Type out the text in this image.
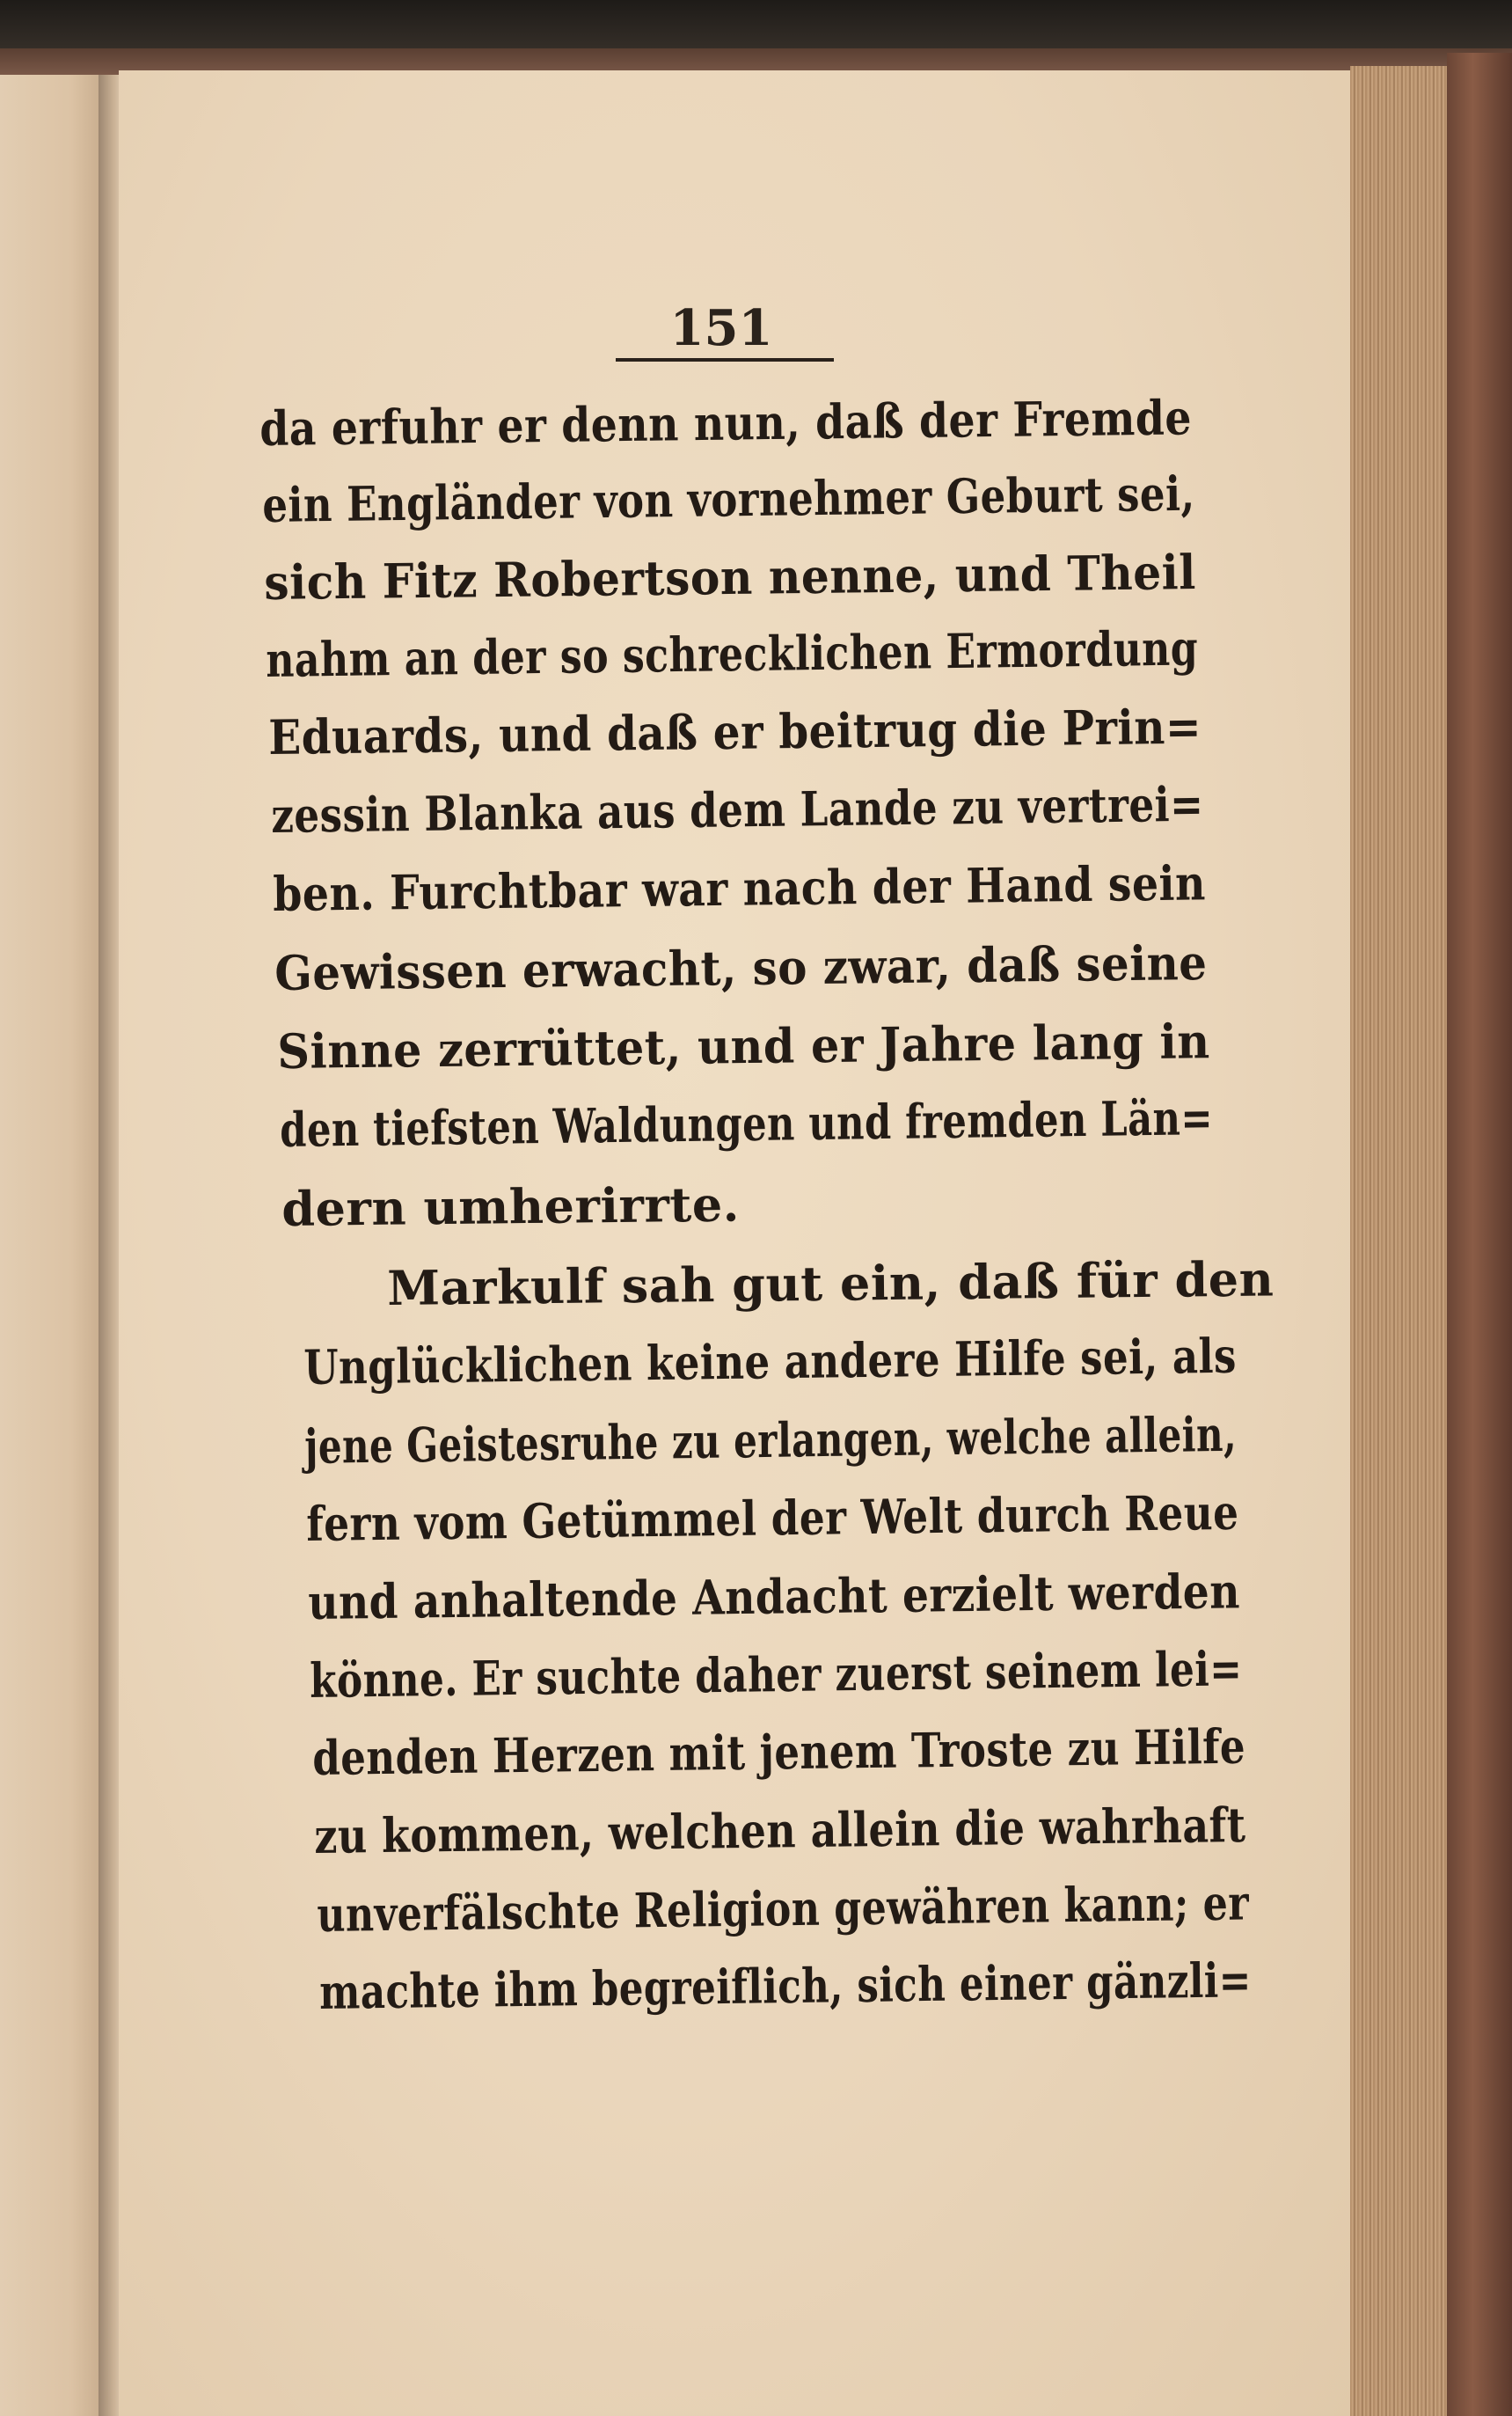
151

da erfuhr er denn nun, daß der Fremde

ein Engländer von vornehmer Geburt sei,

sich Fitz Robertson nenne, und Theil

nahm an der so schrecklichen Ermordung

Eduards, und daß er beitrug die Prin=

zessin Blanka aus dem Lande zu vertrei=

ben. Furchtbar war nach der Hand sein

Gewissen erwacht, so zwar, daß seine

Sinne zerrüttet, und er Jahre lang in

den tiefsten Waldungen und fremden Län=

dern umherirrte.

Markulf sah gut ein, daß für den

Unglücklichen keine andere Hilfe sei, als

jene Geistesruhe zu erlangen, welche allein,

fern vom Getümmel der Welt durch Reue

und anhaltende Andacht erzielt werden

könne. Er suchte daher zuerst seinem lei=

denden Herzen mit jenem Troste zu Hilfe

zu kommen, welchen allein die wahrhaft

unverfälschte Religion gewähren kann; er

machte ihm begreiflich, sich einer gänzli=
